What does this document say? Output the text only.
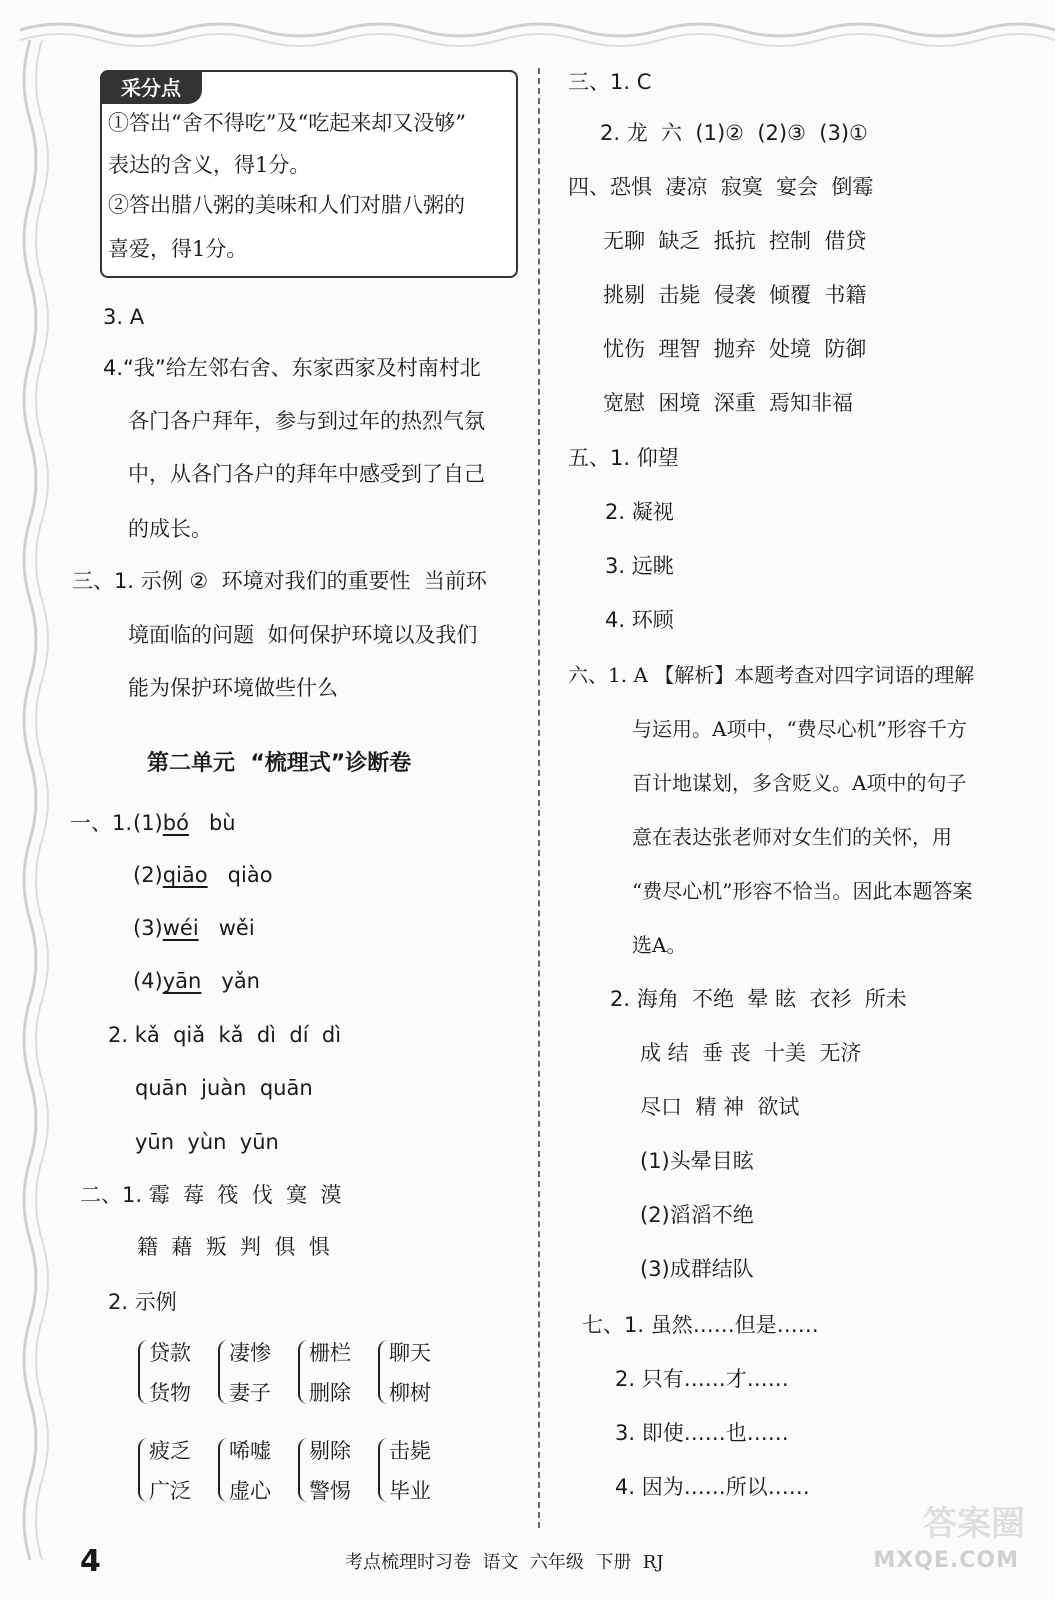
采分点
①答出“舍不得吃”及“吃起来却又没够”
表达的含义，得1分。
②答出腊八粥的美味和人们对腊八粥的
喜爱，得1分。
3. A
4.“我”给左邻右舍、东家西家及村南村北
各门各户拜年，参与到过年的热烈气氛
中，从各门各户的拜年中感受到了自己
的成长。
三、1. 示例 ②  环境对我们的重要性  当前环
境面临的问题  如何保护环境以及我们
能为保护环境做些什么
第二单元  “梳理式”诊断卷
一、1. (1)bó bù
(2)qiāo qiào
(3)wéi wěi
(4)yān yǎn
2. kǎ  qiǎ  kǎ  dì  dí  dì
quān  juàn  quān
yūn  yùn  yūn
二、1. 霉  莓  筏  伐  寞  漠
籍  藉  叛  判  俱  惧
2. 示例
贷款
货物
凄惨
妻子
栅栏
删除
聊天
柳树
疲乏
广泛
唏嘘
虚心
剔除
警惕
击毙
毕业
三、1. C
2. 龙  六  (1)②  (2)③  (3)①
四、恐惧  凄凉  寂寞  宴会  倒霉
无聊  缺乏  抵抗  控制  借贷
挑剔  击毙  侵袭  倾覆  书籍
忧伤  理智  抛弃  处境  防御
宽慰  困境  深重  焉知非福
五、1. 仰望
2. 凝视
3. 远眺
4. 环顾
六、1. A 【解析】本题考查对四字词语的理解
与运用。A项中，“费尽心机”形容千方
百计地谋划，多含贬义。A项中的句子
意在表达张老师对女生们的关怀，用
“费尽心机”形容不恰当。因此本题答案
选A。
2. 海角  不绝  晕 眩  衣衫  所未
成 结  垂 丧  十美  无济
尽口  精 神  欲试
(1)头晕目眩
(2)滔滔不绝
(3)成群结队
七、1. 虽然……但是……
2. 只有……才……
3. 即使……也……
4. 因为……所以……
4	考点梳理时习卷  语文  六年级  下册  RJ
答案圈
MXQE.COM
